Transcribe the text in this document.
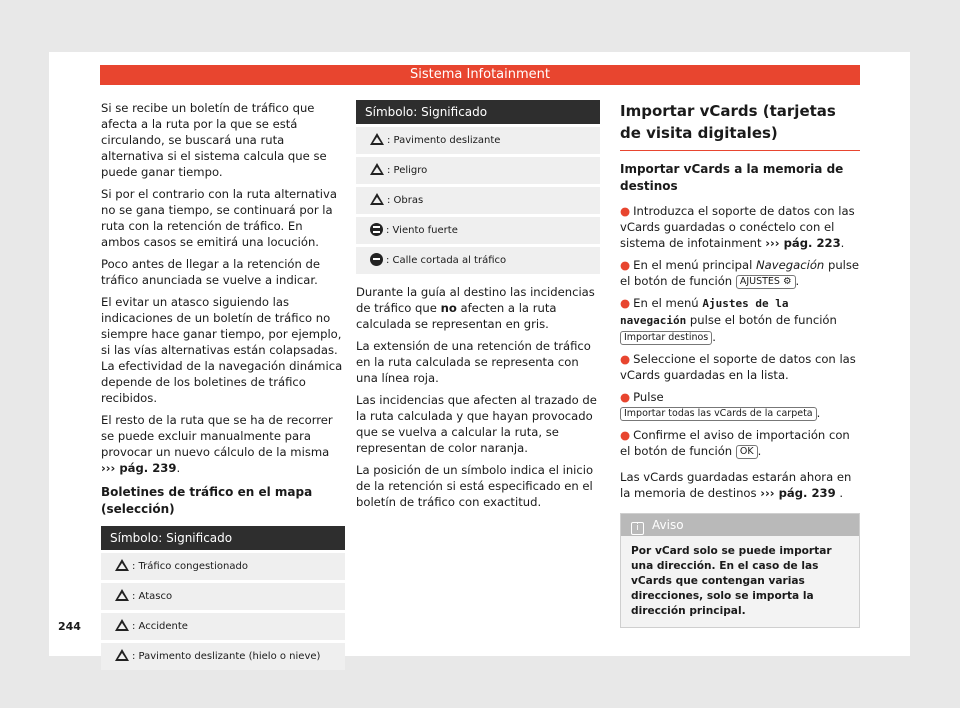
Sistema Infotainment

Si se recibe un boletín de tráfico que afecta a la ruta por la que se está circulando, se buscará una ruta alternativa si el sistema calcula que se puede ganar tiempo.

Si por el contrario con la ruta alternativa no se gana tiempo, se continuará por la ruta con la retención de tráfico. En ambos casos se emitirá una locución.

Poco antes de llegar a la retención de tráfico anunciada se vuelve a indicar.

El evitar un atasco siguiendo las indicaciones de un boletín de tráfico no siempre hace ganar tiempo, por ejemplo, si las vías alternativas están colapsadas. La efectividad de la navegación dinámica depende de los boletines de tráfico recibidos.

El resto de la ruta que se ha de recorrer se puede excluir manualmente para provocar un nuevo cálculo de la misma ››› pág. 239.

Boletines de tráfico en el mapa (selección)
Símbolo: Significado
: Tráfico congestionado
: Atasco
: Accidente
: Pavimento deslizante (hielo o nieve)
Símbolo: Significado
: Pavimento deslizante
: Peligro
: Obras
: Viento fuerte
: Calle cortada al tráfico

Durante la guía al destino las incidencias de tráfico que no afecten a la ruta calculada se representan en gris.

La extensión de una retención de tráfico en la ruta calculada se representa con una línea roja.

Las incidencias que afecten al trazado de la ruta calculada y que hayan provocado que se vuelva a calcular la ruta, se representan de color naranja.

La posición de un símbolo indica el inicio de la retención si está especificado en el boletín de tráfico con exactitud.

Importar vCards (tarjetas de visita digitales)
Importar vCards a la memoria de destinos

● Introduzca el soporte de datos con las vCards guardadas o conéctelo con el sistema de infotainment ››› pág. 223.

● En el menú principal Navegación pulse el botón de función AJUSTES ⚙ .

● En el menú Ajustes de la navegación pulse el botón de función Importar destinos .

● Seleccione el soporte de datos con las vCards guardadas en la lista.

● Pulse Importar todas las vCards de la carpeta .

● Confirme el aviso de importación con el botón de función OK .

Las vCards guardadas estarán ahora en la memoria de destinos ››› pág. 239 .

i Aviso
Por vCard solo se puede importar una dirección. En el caso de las vCards que contengan varias direcciones, solo se importa la dirección principal.
244
